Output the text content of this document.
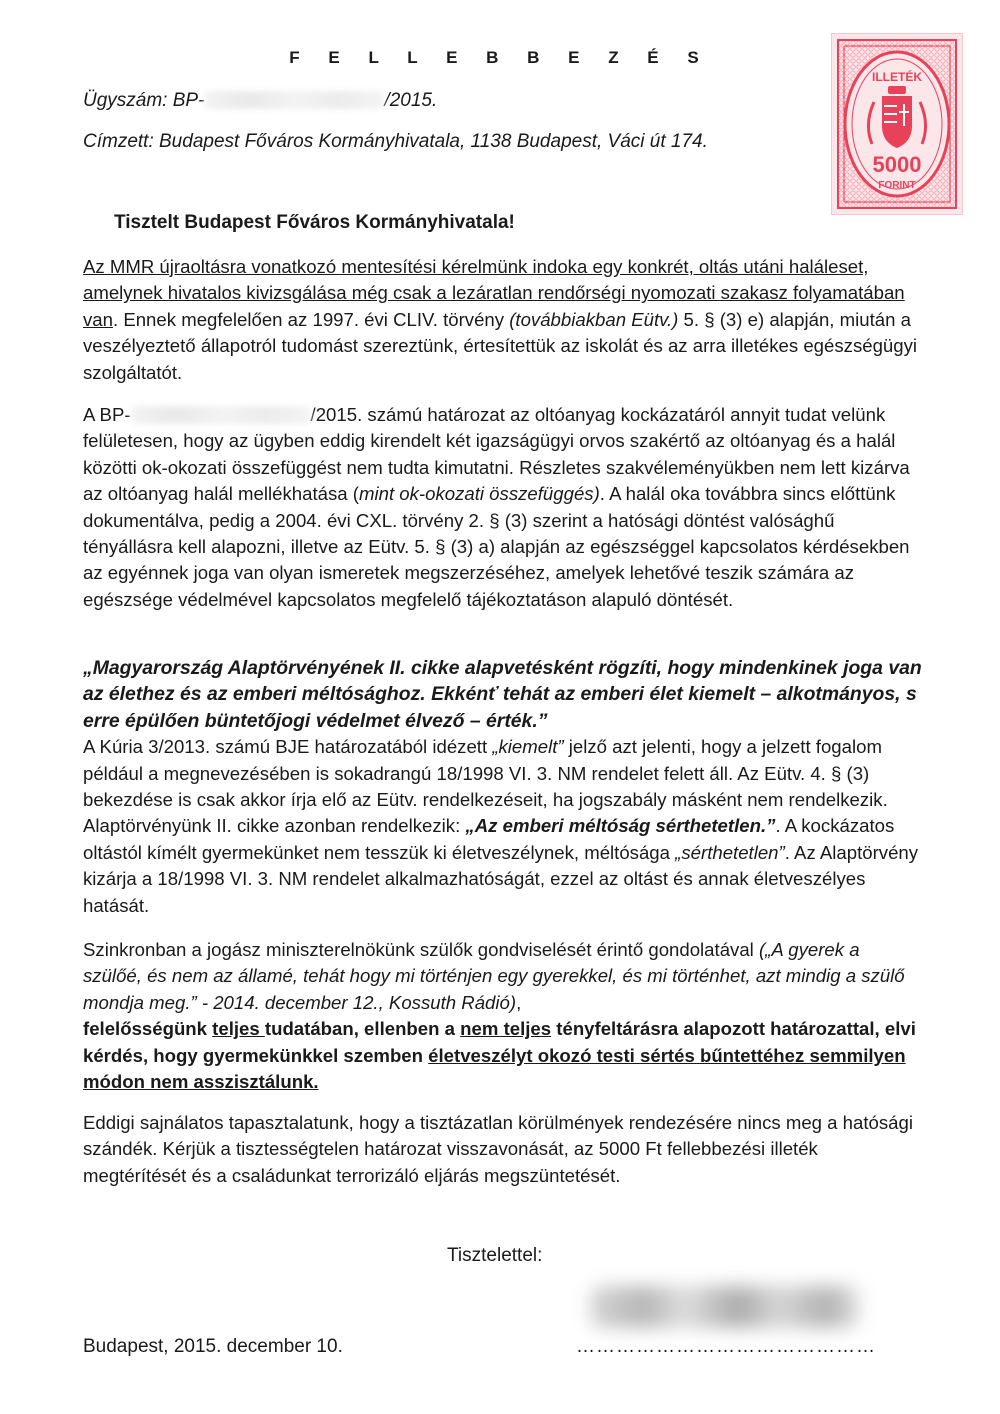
F E L L E B B E Z É S
Ügyszám: BP-	/2015.
Címzett: Budapest Főváros Kormányhivatala, 1138 Budapest, Váci út 174.
ILLETÉK
5000
FORINT
Tisztelt Budapest Főváros Kormányhivatala!

Az MMR újraoltásra vonatkozó mentesítési kérelmünk indoka egy konkrét, oltás utáni haláleset, amelynek hivatalos kivizsgálása még csak a lezáratlan rendőrségi nyomozati szakasz folyamatában van. Ennek megfelelően az 1997. évi CLIV. törvény (továbbiakban Eütv.) 5. § (3) e) alapján, miután a veszélyeztető állapotról tudomást szereztünk, értesítettük az iskolát és az arra illetékes egészségügyi szolgáltatót.

A BP-	/2015. számú határozat az oltóanyag kockázatáról annyit tudat velünk felületesen, hogy az ügyben eddig kirendelt két igazságügyi orvos szakértő az oltóanyag és a halál közötti ok-okozati összefüggést nem tudta kimutatni. Részletes szakvéleményükben nem lett kizárva az oltóanyag halál mellékhatása (mint ok-okozati összefüggés). A halál oka továbbra sincs előttünk dokumentálva, pedig a 2004. évi CXL. törvény 2. § (3) szerint a hatósági döntést valósághű tényállásra kell alapozni, illetve az Eütv. 5. § (3) a) alapján az egészséggel kapcsolatos kérdésekben az egyénnek joga van olyan ismeretek megszerzéséhez, amelyek lehetővé teszik számára az egészsége védelmével kapcsolatos megfelelő tájékoztatáson alapuló döntését.

„Magyarország Alaptörvényének II. cikke alapvetésként rögzíti, hogy mindenkinek joga van az élethez és az emberi méltósághoz. Ekkénť tehát az emberi élet kiemelt – alkotmányos, s erre épülően büntetőjogi védelmet élvező – érték.”
A Kúria 3/2013. számú BJE határozatából idézett „kiemelt” jelző azt jelenti, hogy a jelzett fogalom például a megnevezésében is sokadrangú 18/1998 VI. 3. NM rendelet felett áll. Az Eütv. 4. § (3) bekezdése is csak akkor írja elő az Eütv. rendelkezéseit, ha jogszabály másként nem rendelkezik. Alaptörvényünk II. cikke azonban rendelkezik: „Az emberi méltóság sérthetetlen.”. A kockázatos oltástól kímélt gyermekünket nem tesszük ki életveszélynek, méltósága „sérthetetlen”. Az Alaptörvény kizárja a 18/1998 VI. 3. NM rendelet alkalmazhatóságát, ezzel az oltást és annak életveszélyes hatását.

Szinkronban a jogász miniszterelnökünk szülők gondviselését érintő gondolatával („A gyerek a szülőé, és nem az államé, tehát hogy mi történjen egy gyerekkel, és mi történhet, azt mindig a szülő mondja meg.” - 2014. december 12., Kossuth Rádió),
felelősségünk teljes tudatában, ellenben a nem teljes tényfeltárásra alapozott határozattal, elvi kérdés, hogy gyermekünkkel szemben életveszélyt okozó testi sértés bűntettéhez semmilyen módon nem asszisztálunk.

Eddigi sajnálatos tapasztalatunk, hogy a tisztázatlan körülmények rendezésére nincs meg a hatósági szándék. Kérjük a tisztességtelen határozat visszavonását, az 5000 Ft fellebbezési illeték megtérítését és a családunkat terrorizáló eljárás megszüntetését.

Tisztelettel:
Budapest, 2015. december 10.	………………………………………
